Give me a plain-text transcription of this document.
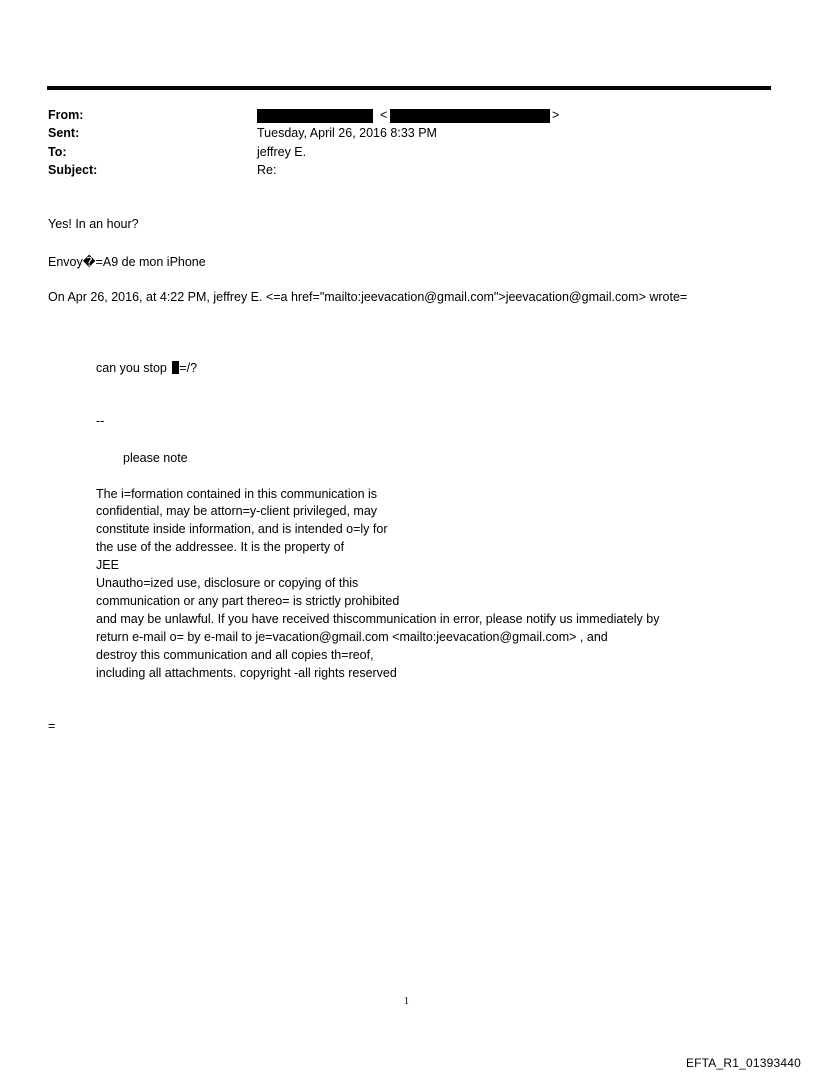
From:	<	>
Sent:	Tuesday, April 26, 2016 8:33 PM
To:	jeffrey E.
Subject:	Re:
Yes! In an hour?
Envoy�=A9 de mon iPhone
On Apr 26, 2016, at 4:22 PM, jeffrey E. <=a href="mailto:jeevacation@gmail.com">jeevacation@gmail.com> wrote=
can you stop =/?
--
please note
The i=formation contained in this communication is
confidential, may be attorn=y-client privileged, may
constitute inside information, and is intended o=ly for
the use of the addressee. It is the property of
JEE
Unautho=ized use, disclosure or copying of this
communication or any part thereo= is strictly prohibited
and may be unlawful. If you have received thiscommunication in error, please notify us immediately by
return e-mail o= by e-mail to je=vacation@gmail.com <mailto:jeevacation@gmail.com> , and
destroy this communication and all copies th=reof,
including all attachments. copyright -all rights reserved
=
1
EFTA_R1_01393440
